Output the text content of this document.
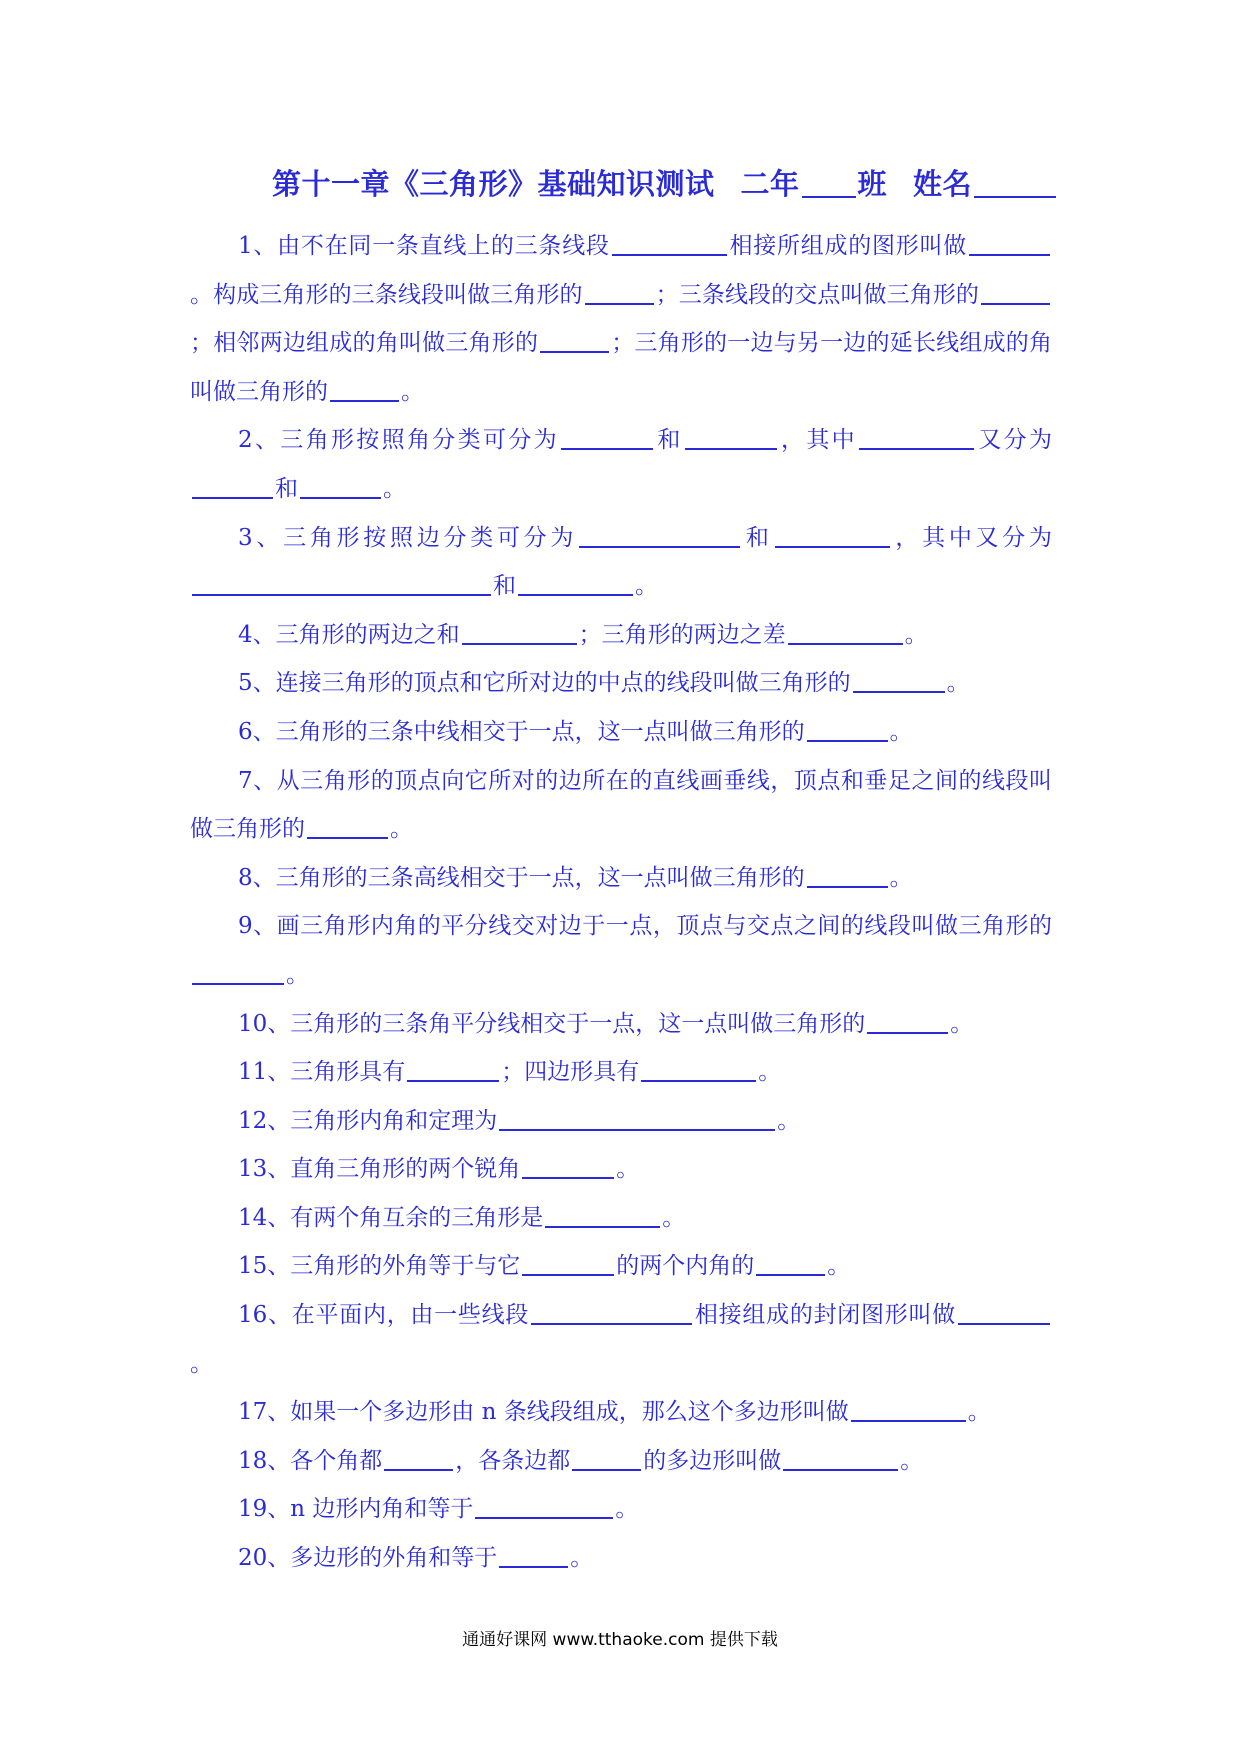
第十一章《三角形》基础知识测试 二年 班 姓名

1、由不在同一条直线上的三条线段	相接所组成的图形叫做。构成三角形的三条线段叫做三角形的	；三条线段的交点叫做三角形的；相邻两边组成的角叫做三角形的	；三角形的一边与另一边的延长线组成的角叫做三角形的	。

2、三角形按照角分类可分为	和	，其中	又分为和	。

3、三角形按照边分类可分为	和	，其中又分为和	。

4、三角形的两边之和	；三角形的两边之差	。

5、连接三角形的顶点和它所对边的中点的线段叫做三角形的	。

6、三角形的三条中线相交于一点，这一点叫做三角形的	。

7、从三角形的顶点向它所对的边所在的直线画垂线，顶点和垂足之间的线段叫做三角形的	。

8、三角形的三条高线相交于一点，这一点叫做三角形的	。

9、画三角形内角的平分线交对边于一点，顶点与交点之间的线段叫做三角形的。

10、三角形的三条角平分线相交于一点，这一点叫做三角形的	。

11、三角形具有	；四边形具有	。

12、三角形内角和定理为	。

13、直角三角形的两个锐角	。

14、有两个角互余的三角形是	。

15、三角形的外角等于与它	的两个内角的	。

16、在平面内，由一些线段	相接组成的封闭图形叫做。

17、如果一个多边形由 n 条线段组成，那么这个多边形叫做	。

18、各个角都	，各条边都	的多边形叫做	。

19、n 边形内角和等于	。

20、多边形的外角和等于	。

通通好课网 www.tthaoke.com 提供下载
